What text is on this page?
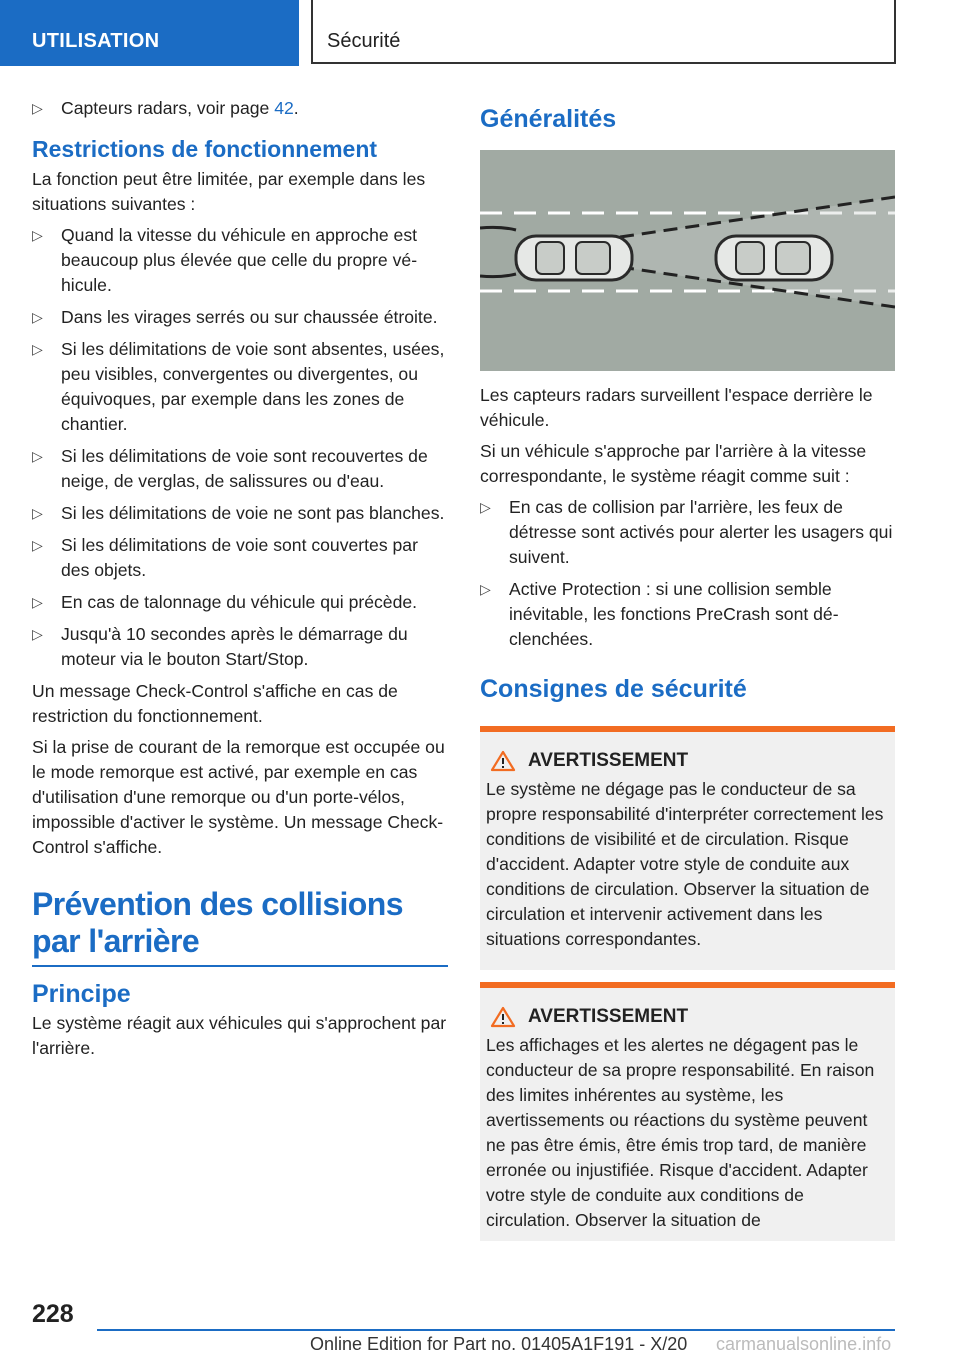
UTILISATION	Sécurité
▷ Capteurs radars, voir page 42.
Restrictions de fonctionnement

La fonction peut être limitée, par exemple dans les situations suivantes :

▷ Quand la vitesse du véhicule en approche est beaucoup plus élevée que celle du propre véhicule.
▷ Dans les virages serrés ou sur chaussée étroite.
▷ Si les délimitations de voie sont absentes, usées, peu visibles, convergentes ou divergentes, ou équivoques, par exemple dans les zones de chantier.
▷ Si les délimitations de voie sont recouvertes de neige, de verglas, de salissures ou d'eau.
▷ Si les délimitations de voie ne sont pas blanches.
▷ Si les délimitations de voie sont couvertes par des objets.
▷ En cas de talonnage du véhicule qui précède.
▷ Jusqu'à 10 secondes après le démarrage du moteur via le bouton Start/Stop.

Un message Check-Control s'affiche en cas de restriction du fonctionnement.

Si la prise de courant de la remorque est occupée ou le mode remorque est activé, par exemple en cas d'utilisation d'une remorque ou d'un porte-vélos, impossible d'activer le système. Un message Check-Control s'affiche.

Prévention des collisions par l'arrière
Principe

Le système réagit aux véhicules qui s'approchent par l'arrière.

Généralités

Les capteurs radars surveillent l'espace derrière le véhicule.

Si un véhicule s'approche par l'arrière à la vitesse correspondante, le système réagit comme suit :

▷ En cas de collision par l'arrière, les feux de détresse sont activés pour alerter les usagers qui suivent.
▷ Active Protection : si une collision semble inévitable, les fonctions PreCrash sont déclenchées.
Consignes de sécurité
AVERTISSEMENT

Le système ne dégage pas le conducteur de sa propre responsabilité d'interpréter correctement les conditions de visibilité et de circulation. Risque d'accident. Adapter votre style de conduite aux conditions de circulation. Observer la situation de circulation et intervenir activement dans les situations correspondantes.

AVERTISSEMENT

Les affichages et les alertes ne dégagent pas le conducteur de sa propre responsabilité. En raison des limites inhérentes au système, les avertissements ou réactions du système peuvent ne pas être émis, être émis trop tard, de manière erronée ou injustifiée. Risque d'accident. Adapter votre style de conduite aux conditions de circulation. Observer la situation de

228
Online Edition for Part no. 01405A1F191 - X/20 carmanualsonline.info
